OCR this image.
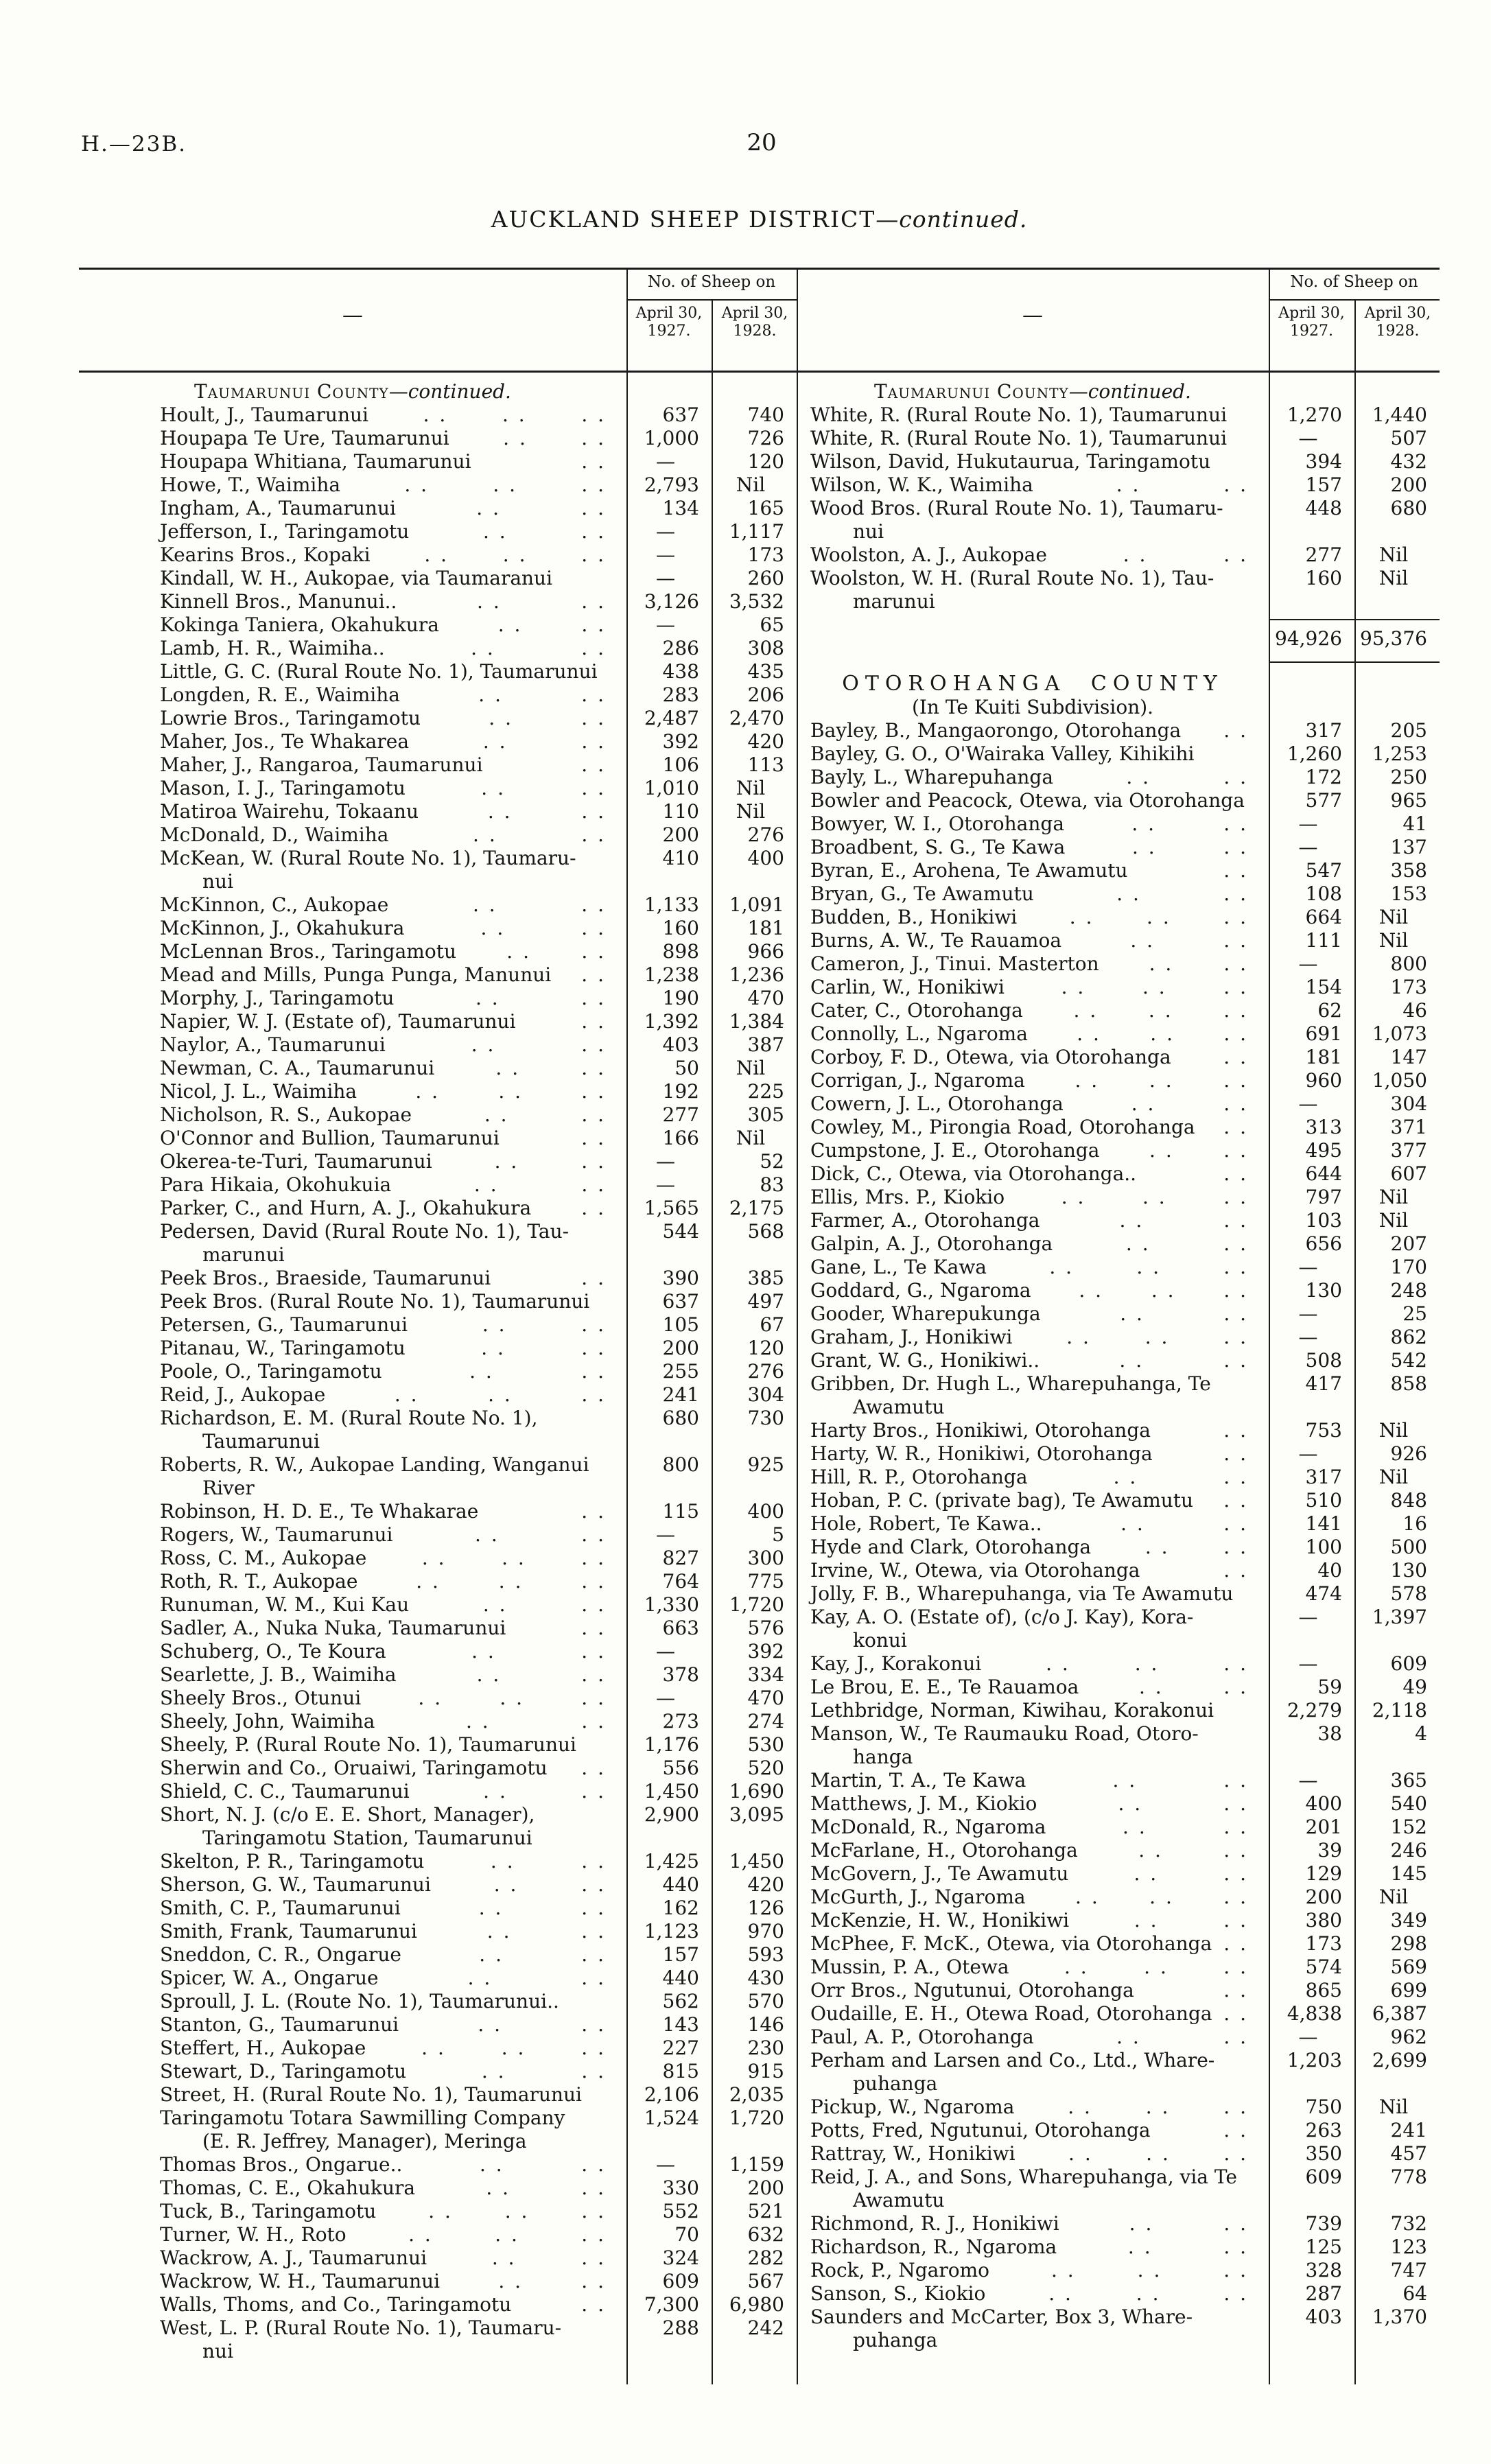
H.—23B.	20
AUCKLAND SHEEP DISTRICT—continued.
—
No. of Sheep on
April 30, 1927.
April 30, 1928.
—
No. of Sheep on
April 30, 1927.
April 30, 1928.
Taumarunui County—continued.
Hoult, J., Taumarunui	. .	. .	. .	637	740
Houpapa Te Ure, Taumarunui	. .	. .	1,000	726
Houpapa Whitiana, Taumarunui	. .	—	120
Howe, T., Waimiha	. .	. .	. .	2,793	Nil
Ingham, A., Taumarunui	. .	. .	134	165
Jefferson, I., Taringamotu	. .	. .	—	1,117
Kearins Bros., Kopaki	. .	. .	. .	—	173
Kindall, W. H., Aukopae, via Taumaranui	—	260
Kinnell Bros., Manunui..	. .	. .	3,126	3,532
Kokinga Taniera, Okahukura	. .	. .	—	65
Lamb, H. R., Waimiha..	. .	. .	286	308
Little, G. C. (Rural Route No. 1), Taumarunui	438	435
Longden, R. E., Waimiha	. .	. .	283	206
Lowrie Bros., Taringamotu	. .	. .	2,487	2,470
Maher, Jos., Te Whakarea	. .	. .	392	420
Maher, J., Rangaroa, Taumarunui	. .	106	113
Mason, I. J., Taringamotu	. .	. .	1,010	Nil
Matiroa Wairehu, Tokaanu	. .	. .	110	Nil
McDonald, D., Waimiha	. .	. .	200	276
McKean, W. (Rural Route No. 1), Taumaru-
nui
410	400
McKinnon, C., Aukopae	. .	. .	1,133	1,091
McKinnon, J., Okahukura	. .	. .	160	181
McLennan Bros., Taringamotu	. .	. .	898	966
Mead and Mills, Punga Punga, Manunui . .	1,238	1,236
Morphy, J., Taringamotu	. .	. .	190	470
Napier, W. J. (Estate of), Taumarunui	. .	1,392	1,384
Naylor, A., Taumarunui	. .	. .	403	387
Newman, C. A., Taumarunui	. .	. .	50	Nil
Nicol, J. L., Waimiha	. .	. .	. .	192	225
Nicholson, R. S., Aukopae	. .	. .	277	305
O'Connor and Bullion, Taumarunui	. .	166	Nil
Okerea-te-Turi, Taumarunui	. .	. .	—	52
Para Hikaia, Okohukuia	. .	. .	—	83
Parker, C., and Hurn, A. J., Okahukura	. .	1,565	2,175
Pedersen, David (Rural Route No. 1), Tau-
marunui
544	568
Peek Bros., Braeside, Taumarunui	. .	390	385
Peek Bros. (Rural Route No. 1), Taumarunui	637	497
Petersen, G., Taumarunui	. .	. .	105	67
Pitanau, W., Taringamotu	. .	. .	200	120
Poole, O., Taringamotu	. .	. .	255	276
Reid, J., Aukopae	. .	. .	. .	241	304
Richardson, E. M. (Rural Route No. 1),
Taumarunui
680	730
Roberts, R. W., Aukopae Landing, Wanganui
River
800	925
Robinson, H. D. E., Te Whakarae	. .	115	400
Rogers, W., Taumarunui	. .	. .	—	5
Ross, C. M., Aukopae	. .	. .	. .	827	300
Roth, R. T., Aukopae	. .	. .	. .	764	775
Runuman, W. M., Kui Kau	. .	. .	1,330	1,720
Sadler, A., Nuka Nuka, Taumarunui	. .	663	576
Schuberg, O., Te Koura	. .	. .	—	392
Searlette, J. B., Waimiha	. .	. .	378	334
Sheely Bros., Otunui	. .	. .	. .	—	470
Sheely, John, Waimiha	. .	. .	273	274
Sheely, P. (Rural Route No. 1), Taumarunui	1,176	530
Sherwin and Co., Oruaiwi, Taringamotu . .	556	520
Shield, C. C., Taumarunui	. .	. .	1,450	1,690
Short, N. J. (c/o E. E. Short, Manager),
Taringamotu Station, Taumarunui
2,900	3,095
Skelton, P. R., Taringamotu	. .	. .	1,425	1,450
Sherson, G. W., Taumarunui	. .	. .	440	420
Smith, C. P., Taumarunui	. .	. .	162	126
Smith, Frank, Taumarunui	. .	. .	1,123	970
Sneddon, C. R., Ongarue	. .	. .	157	593
Spicer, W. A., Ongarue	. .	. .	440	430
Sproull, J. L. (Route No. 1), Taumarunui..	562	570
Stanton, G., Taumarunui	. .	. .	143	146
Steffert, H., Aukopae	. .	. .	. .	227	230
Stewart, D., Taringamotu	. .	. .	815	915
Street, H. (Rural Route No. 1), Taumarunui	2,106	2,035
Taringamotu Totara Sawmilling Company
(E. R. Jeffrey, Manager), Meringa
1,524	1,720
Thomas Bros., Ongarue..	. .	. .	—	1,159
Thomas, C. E., Okahukura	. .	. .	330	200
Tuck, B., Taringamotu	. .	. .	. .	552	521
Turner, W. H., Roto	. .	. .	. .	70	632
Wackrow, A. J., Taumarunui	. .	. .	324	282
Wackrow, W. H., Taumarunui	. .	. .	609	567
Walls, Thoms, and Co., Taringamotu	. .	7,300	6,980
West, L. P. (Rural Route No. 1), Taumaru-
nui
288	242
Taumarunui County—continued.
White, R. (Rural Route No. 1), Taumarunui	1,270	1,440
White, R. (Rural Route No. 1), Taumarunui	—	507
Wilson, David, Hukutaurua, Taringamotu	394	432
Wilson, W. K., Waimiha	. .	. .	157	200
Wood Bros. (Rural Route No. 1), Taumaru-
nui
448	680
Woolston, A. J., Aukopae	. .	. .	277	Nil
Woolston, W. H. (Rural Route No. 1), Tau-
marunui
160	Nil
94,926 95,376
OTOROHANGA COUNTY
(In Te Kuiti Subdivision).
Bayley, B., Mangaorongo, Otorohanga . .	317	205
Bayley, G. O., O'Wairaka Valley, Kihikihi	1,260	1,253
Bayly, L., Wharepuhanga	. .	. .	172	250
Bowler and Peacock, Otewa, via Otorohanga	577	965
Bowyer, W. I., Otorohanga	. .	. .	—	41
Broadbent, S. G., Te Kawa	. .	. .	—	137
Byran, E., Arohena, Te Awamutu	. .	547	358
Bryan, G., Te Awamutu	. .	. .	108	153
Budden, B., Honikiwi	. .	. .	. .	664	Nil
Burns, A. W., Te Rauamoa	. .	. .	111	Nil
Cameron, J., Tinui. Masterton	. .	. .	—	800
Carlin, W., Honikiwi	. .	. .	. .	154	173
Cater, C., Otorohanga	. .	. .	. .	62	46
Connolly, L., Ngaroma	. .	. .	. .	691	1,073
Corboy, F. D., Otewa, via Otorohanga	. .	181	147
Corrigan, J., Ngaroma	. .	. .	. .	960	1,050
Cowern, J. L., Otorohanga	. .	. .	—	304
Cowley, M., Pirongia Road, Otorohanga . .	313	371
Cumpstone, J. E., Otorohanga	. .	. .	495	377
Dick, C., Otewa, via Otorohanga..	. .	644	607
Ellis, Mrs. P., Kiokio	. .	. .	. .	797	Nil
Farmer, A., Otorohanga	. .	. .	103	Nil
Galpin, A. J., Otorohanga	. .	. .	656	207
Gane, L., Te Kawa	. .	. .	. .	—	170
Goddard, G., Ngaroma . . . . . .	130	248
Gooder, Wharepukunga	. .	. .	—	25
Graham, J., Honikiwi	. .	. .	. .	—	862
Grant, W. G., Honikiwi..	. .	. .	508	542
Gribben, Dr. Hugh L., Wharepuhanga, Te
Awamutu
417	858
Harty Bros., Honikiwi, Otorohanga	. .	753	Nil
Harty, W. R., Honikiwi, Otorohanga	. .	—	926
Hill, R. P., Otorohanga	. .	. .	317	Nil
Hoban, P. C. (private bag), Te Awamutu . .	510	848
Hole, Robert, Te Kawa..	. .	. .	141	16
Hyde and Clark, Otorohanga	. .	. .	100	500
Irvine, W., Otewa, via Otorohanga	. .	40	130
Jolly, F. B., Wharepuhanga, via Te Awamutu	474	578
Kay, A. O. (Estate of), (c/o J. Kay), Kora-
konui
—	1,397
Kay, J., Korakonui	. .	. .	. .	—	609
Le Brou, E. E., Te Rauamoa	. .	. .	59	49
Lethbridge, Norman, Kiwihau, Korakonui	2,279	2,118
Manson, W., Te Raumauku Road, Otoro-
hanga
38	4
Martin, T. A., Te Kawa	. .	. .	—	365
Matthews, J. M., Kiokio	. .	. .	400	540
McDonald, R., Ngaroma	. .	. .	201	152
McFarlane, H., Otorohanga	. .	. .	39	246
McGovern, J., Te Awamutu	. .	. .	129	145
McGurth, J., Ngaroma	. .	. .	. .	200	Nil
McKenzie, H. W., Honikiwi	. .	. .	380	349
McPhee, F. McK., Otewa, via Otorohanga . .	173	298
Mussin, P. A., Otewa	. .	. .	. .	574	569
Orr Bros., Ngutunui, Otorohanga	. .	865	699
Oudaille, E. H., Otewa Road, Otorohanga . .	4,838	6,387
Paul, A. P., Otorohanga	. .	. .	—	962
Perham and Larsen and Co., Ltd., Whare-
puhanga
1,203	2,699
Pickup, W., Ngaroma	. .	. .	. .	750	Nil
Potts, Fred, Ngutunui, Otorohanga	. .	263	241
Rattray, W., Honikiwi	. .	. .	. .	350	457
Reid, J. A., and Sons, Wharepuhanga, via Te
Awamutu
609	778
Richmond, R. J., Honikiwi	. .	. .	739	732
Richardson, R., Ngaroma	. .	. .	125	123
Rock, P., Ngaromo	. .	. .	. .	328	747
Sanson, S., Kiokio	. .	. .	. .	287	64
Saunders and McCarter, Box 3, Whare-
puhanga
403	1,370
